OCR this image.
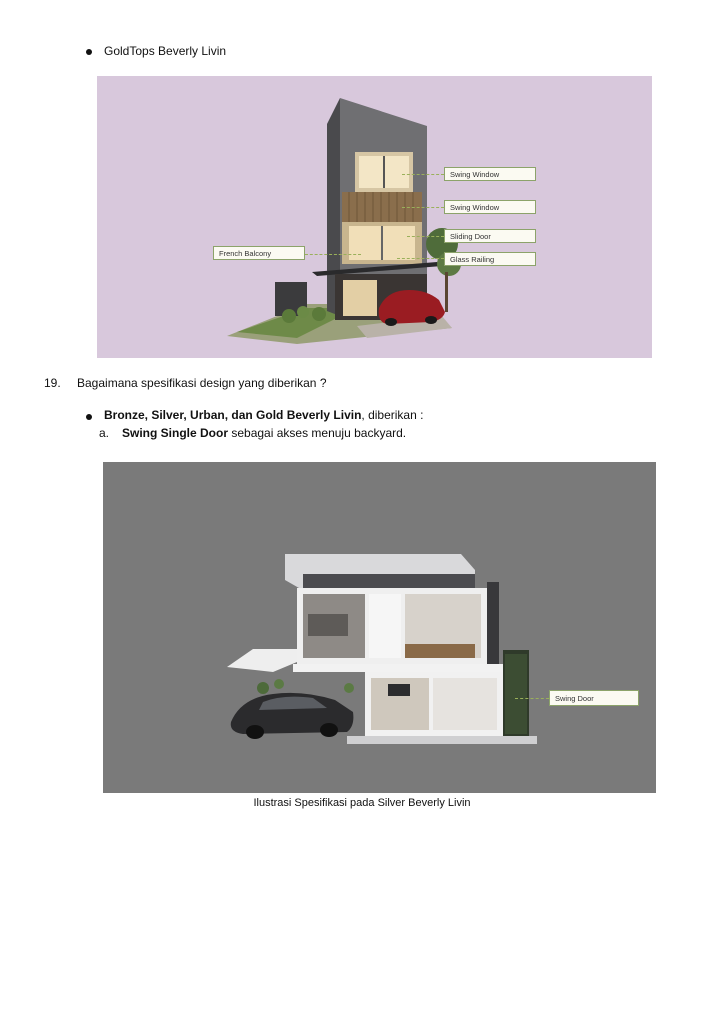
GoldTops Beverly Livin
Swing Window
Swing Window
Sliding Door
Glass Railing
French Balcony
19. Bagaimana spesifikasi design yang diberikan ?
Bronze, Silver, Urban, dan Gold Beverly Livin, diberikan :
a. Swing Single Door sebagai akses menuju backyard.
Swing Door
Ilustrasi Spesifikasi pada Silver Beverly Livin
